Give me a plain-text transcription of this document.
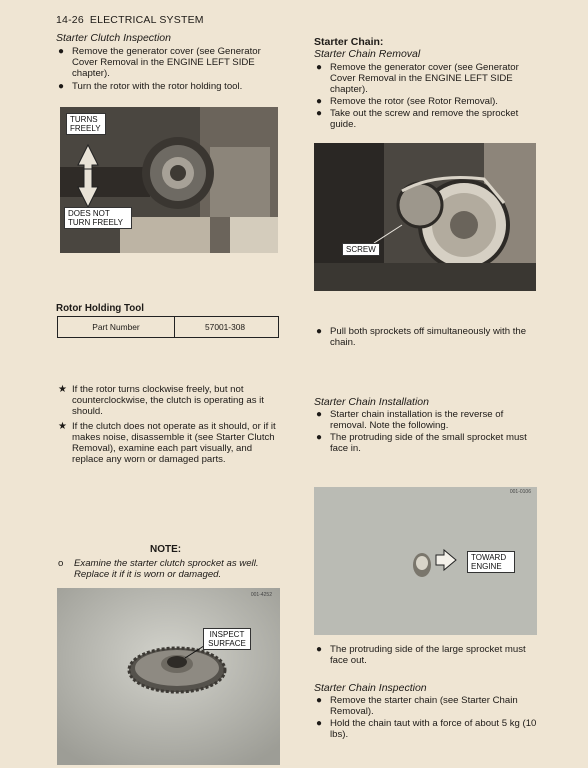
14-26 ELECTRICAL SYSTEM
Starter Clutch Inspection
● Remove the generator cover (see Generator Cover Removal in the ENGINE LEFT SIDE chapter).
● Turn the rotor with the rotor holding tool.
TURNS FREELY
DOES NOT TURN FREELY
Rotor Holding Tool
Part Number	57001-308
★ If the rotor turns clockwise freely, but not counterclockwise, the clutch is operating as it should.
★ If the clutch does not operate as it should, or if it makes noise, disassemble it (see Starter Clutch Removal), examine each part visually, and replace any worn or damaged parts.
NOTE:
o Examine the starter clutch sprocket as well. Replace it if it is worn or damaged.
001-4252
INSPECT SURFACE
Starter Chain:
Starter Chain Removal
● Remove the generator cover (see Generator Cover Removal in the ENGINE LEFT SIDE chapter).
● Remove the rotor (see Rotor Removal).
● Take out the screw and remove the sprocket guide.
SCREW
● Pull both sprockets off simultaneously with the chain.
Starter Chain Installation
● Starter chain installation is the reverse of removal. Note the following.
● The protruding side of the small sprocket must face in.
001-0106
TOWARD ENGINE
● The protruding side of the large sprocket must face out.
Starter Chain Inspection
● Remove the starter chain (see Starter Chain Removal).
● Hold the chain taut with a force of about 5 kg (10 lbs).
